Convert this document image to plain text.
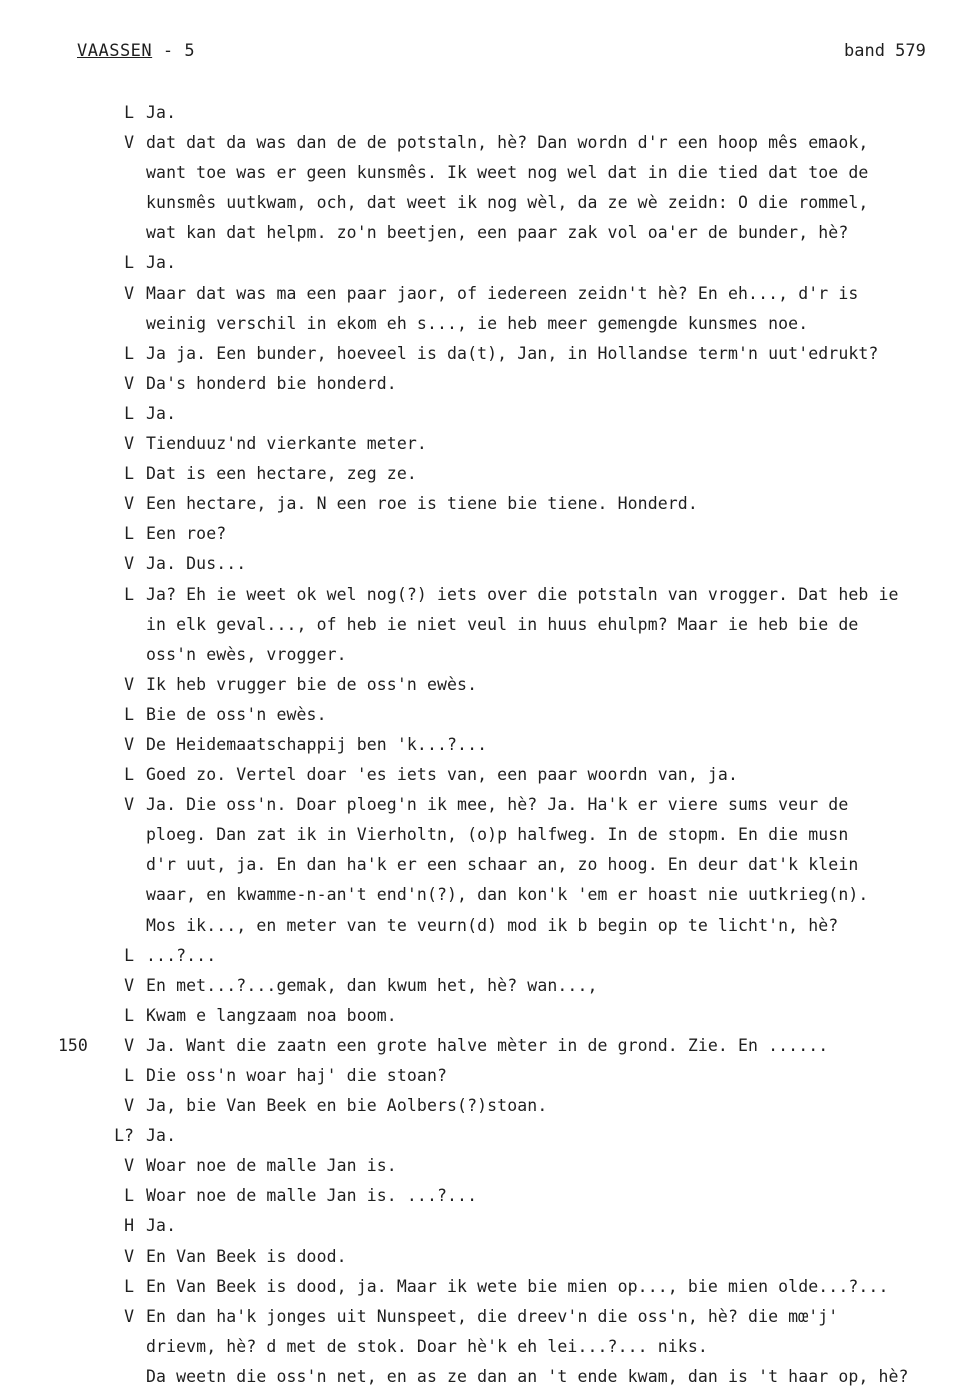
VAASSEN - 5	band 579
L Ja.
V dat dat da was dan de de potstaln, hè? Dan wordn d'r een hoop mês emaok,
want toe was er geen kunsmês. Ik weet nog wel dat in die tied dat toe de
kunsmês uutkwam, och, dat weet ik nog wèl, da ze wè zeidn: O die rommel,
wat kan dat helpm. zo'n beetjen, een paar zak vol oa'er de bunder, hè?
L Ja.
V Maar dat was ma een paar jaor, of iedereen zeidn't hè? En eh..., d'r is
weinig verschil in ekom eh s..., ie heb meer gemengde kunsmes noe.
L Ja ja. Een bunder, hoeveel is da(t), Jan, in Hollandse term'n uut'edrukt?
V Da's honderd bie honderd.
L Ja.
V Tienduuz'nd vierkante meter.
L Dat is een hectare, zeg ze.
V Een hectare, ja. N een roe is tiene bie tiene. Honderd.
L Een roe?
V Ja. Dus...
L Ja? Eh ie weet ok wel nog(?) iets over die potstaln van vrogger. Dat heb ie
in elk geval..., of heb ie niet veul in huus ehulpm? Maar ie heb bie de
oss'n ewès, vrogger.
V Ik heb vrugger bie de oss'n ewès.
L Bie de oss'n ewès.
V De Heidemaatschappij ben 'k...?...
L Goed zo. Vertel doar 'es iets van, een paar woordn van, ja.
V Ja. Die oss'n. Doar ploeg'n ik mee, hè? Ja. Ha'k er viere sums veur de
ploeg. Dan zat ik in Vierholtn, (o)p halfweg. In de stopm. En die musn
d'r uut, ja. En dan ha'k er een schaar an, zo hoog. En deur dat'k klein
waar, en kwamme-n-an't end'n(?), dan kon'k 'em er hoast nie uutkrieg(n).
Mos ik..., en meter van te veurn(d) mod ik b begin op te licht'n, hè?
L ...?...
V En met...?...gemak, dan kwum het, hè? wan...,
L Kwam e langzaam noa boom.
150	V Ja. Want die zaatn een grote halve mèter in de grond. Zie. En ......
L Die oss'n woar haj' die stoan?
V Ja, bie Van Beek en bie Aolbers(?)stoan.
L? Ja.
V Woar noe de malle Jan is.
L Woar noe de malle Jan is. ...?...
H Ja.
V En Van Beek is dood.
L En Van Beek is dood, ja. Maar ik wete bie mien op..., bie mien olde...?...
V En dan ha'k jonges uit Nunspeet, die dreev'n die oss'n, hè? die mœ'j'
drievm, hè? d met de stok. Doar hè'k eh lei...?... niks.
Da weetn die oss'n net, en as ze dan an 't ende kwam, dan is 't haar op, hè?
